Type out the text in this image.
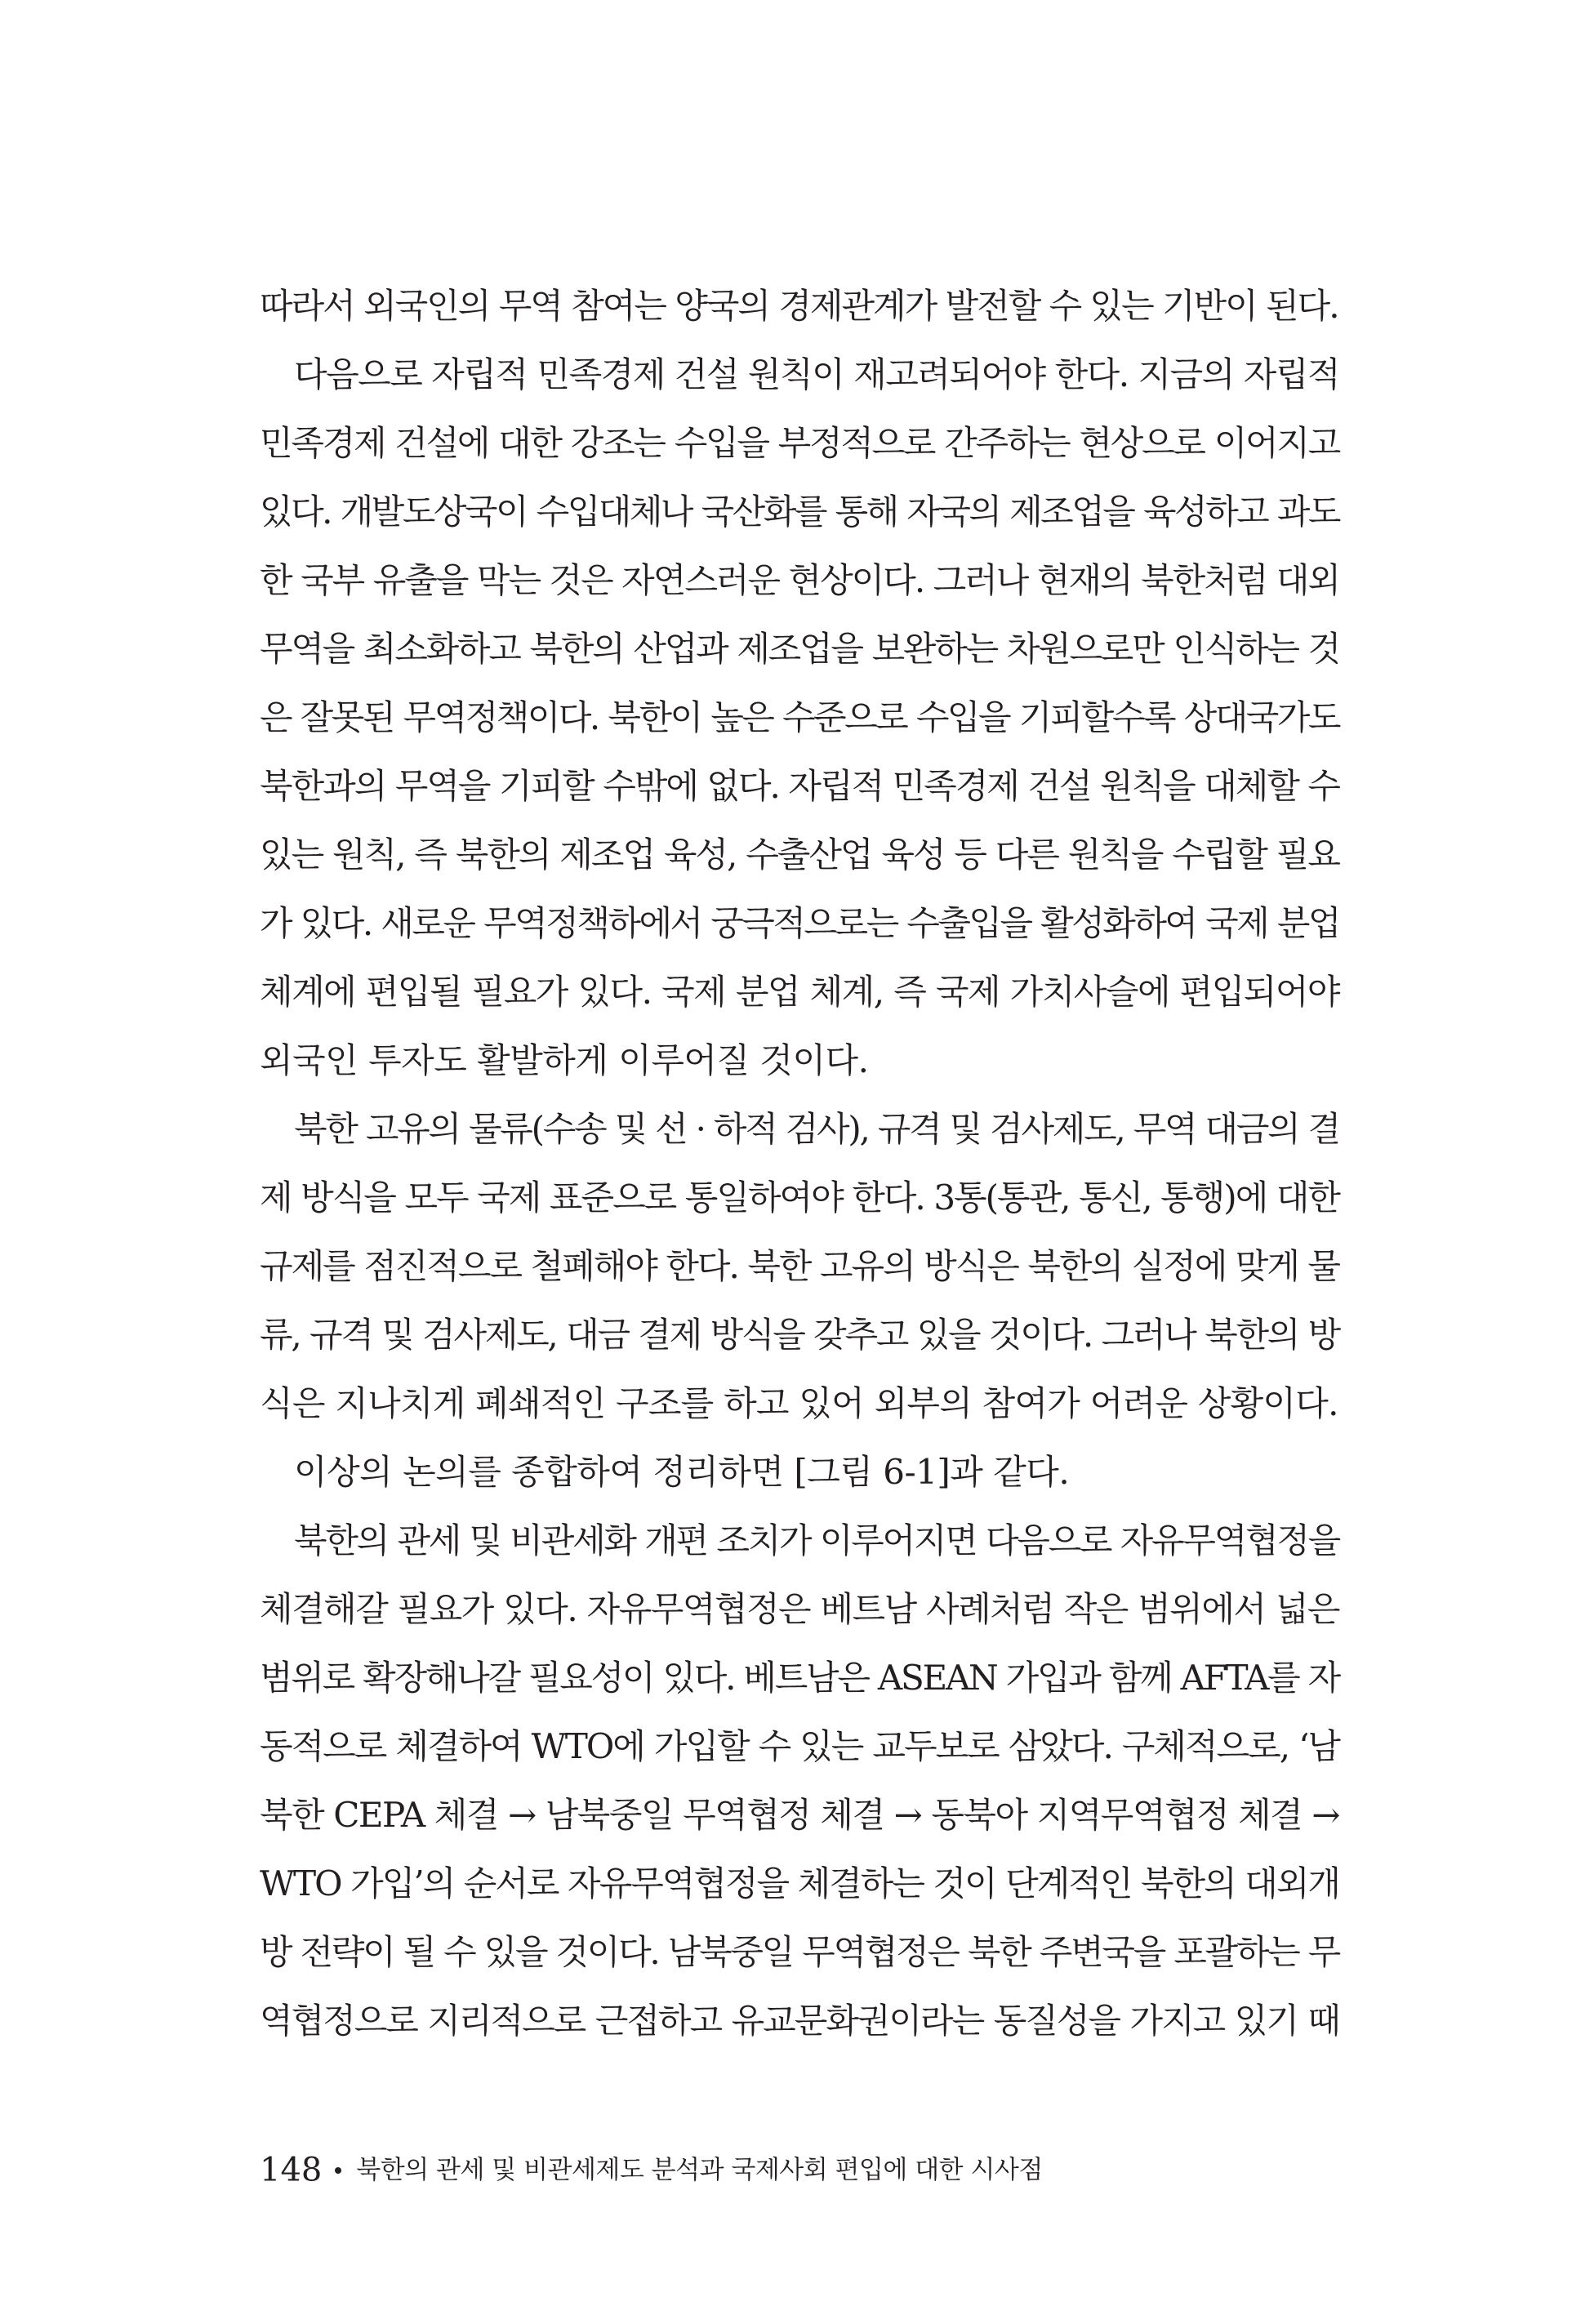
따라서 외국인의 무역 참여는 양국의 경제관계가 발전할 수 있는 기반이 된다.

다음으로 자립적 민족경제 건설 원칙이 재고려되어야 한다. 지금의 자립적
민족경제 건설에 대한 강조는 수입을 부정적으로 간주하는 현상으로 이어지고
있다. 개발도상국이 수입대체나 국산화를 통해 자국의 제조업을 육성하고 과도
한 국부 유출을 막는 것은 자연스러운 현상이다. 그러나 현재의 북한처럼 대외
무역을 최소화하고 북한의 산업과 제조업을 보완하는 차원으로만 인식하는 것
은 잘못된 무역정책이다. 북한이 높은 수준으로 수입을 기피할수록 상대국가도
북한과의 무역을 기피할 수밖에 없다. 자립적 민족경제 건설 원칙을 대체할 수
있는 원칙, 즉 북한의 제조업 육성, 수출산업 육성 등 다른 원칙을 수립할 필요
가 있다. 새로운 무역정책하에서 궁극적으로는 수출입을 활성화하여 국제 분업
체계에 편입될 필요가 있다. 국제 분업 체계, 즉 국제 가치사슬에 편입되어야
외국인 투자도 활발하게 이루어질 것이다.

북한 고유의 물류(수송 및 선 · 하적 검사), 규격 및 검사제도, 무역 대금의 결
제 방식을 모두 국제 표준으로 통일하여야 한다. 3통(통관, 통신, 통행)에 대한
규제를 점진적으로 철폐해야 한다. 북한 고유의 방식은 북한의 실정에 맞게 물
류, 규격 및 검사제도, 대금 결제 방식을 갖추고 있을 것이다. 그러나 북한의 방
식은 지나치게 폐쇄적인 구조를 하고 있어 외부의 참여가 어려운 상황이다.

이상의 논의를 종합하여 정리하면 [그림 6-1]과 같다.

북한의 관세 및 비관세화 개편 조치가 이루어지면 다음으로 자유무역협정을
체결해갈 필요가 있다. 자유무역협정은 베트남 사례처럼 작은 범위에서 넓은
범위로 확장해나갈 필요성이 있다. 베트남은 ASEAN 가입과 함께 AFTA를 자
동적으로 체결하여 WTO에 가입할 수 있는 교두보로 삼았다. 구체적으로, ‘남
북한 CEPA 체결 → 남북중일 무역협정 체결 → 동북아 지역무역협정 체결 →
WTO 가입’의 순서로 자유무역협정을 체결하는 것이 단계적인 북한의 대외개
방 전략이 될 수 있을 것이다. 남북중일 무역협정은 북한 주변국을 포괄하는 무
역협정으로 지리적으로 근접하고 유교문화권이라는 동질성을 가지고 있기 때

148 북한의 관세 및 비관세제도 분석과 국제사회 편입에 대한 시사점
